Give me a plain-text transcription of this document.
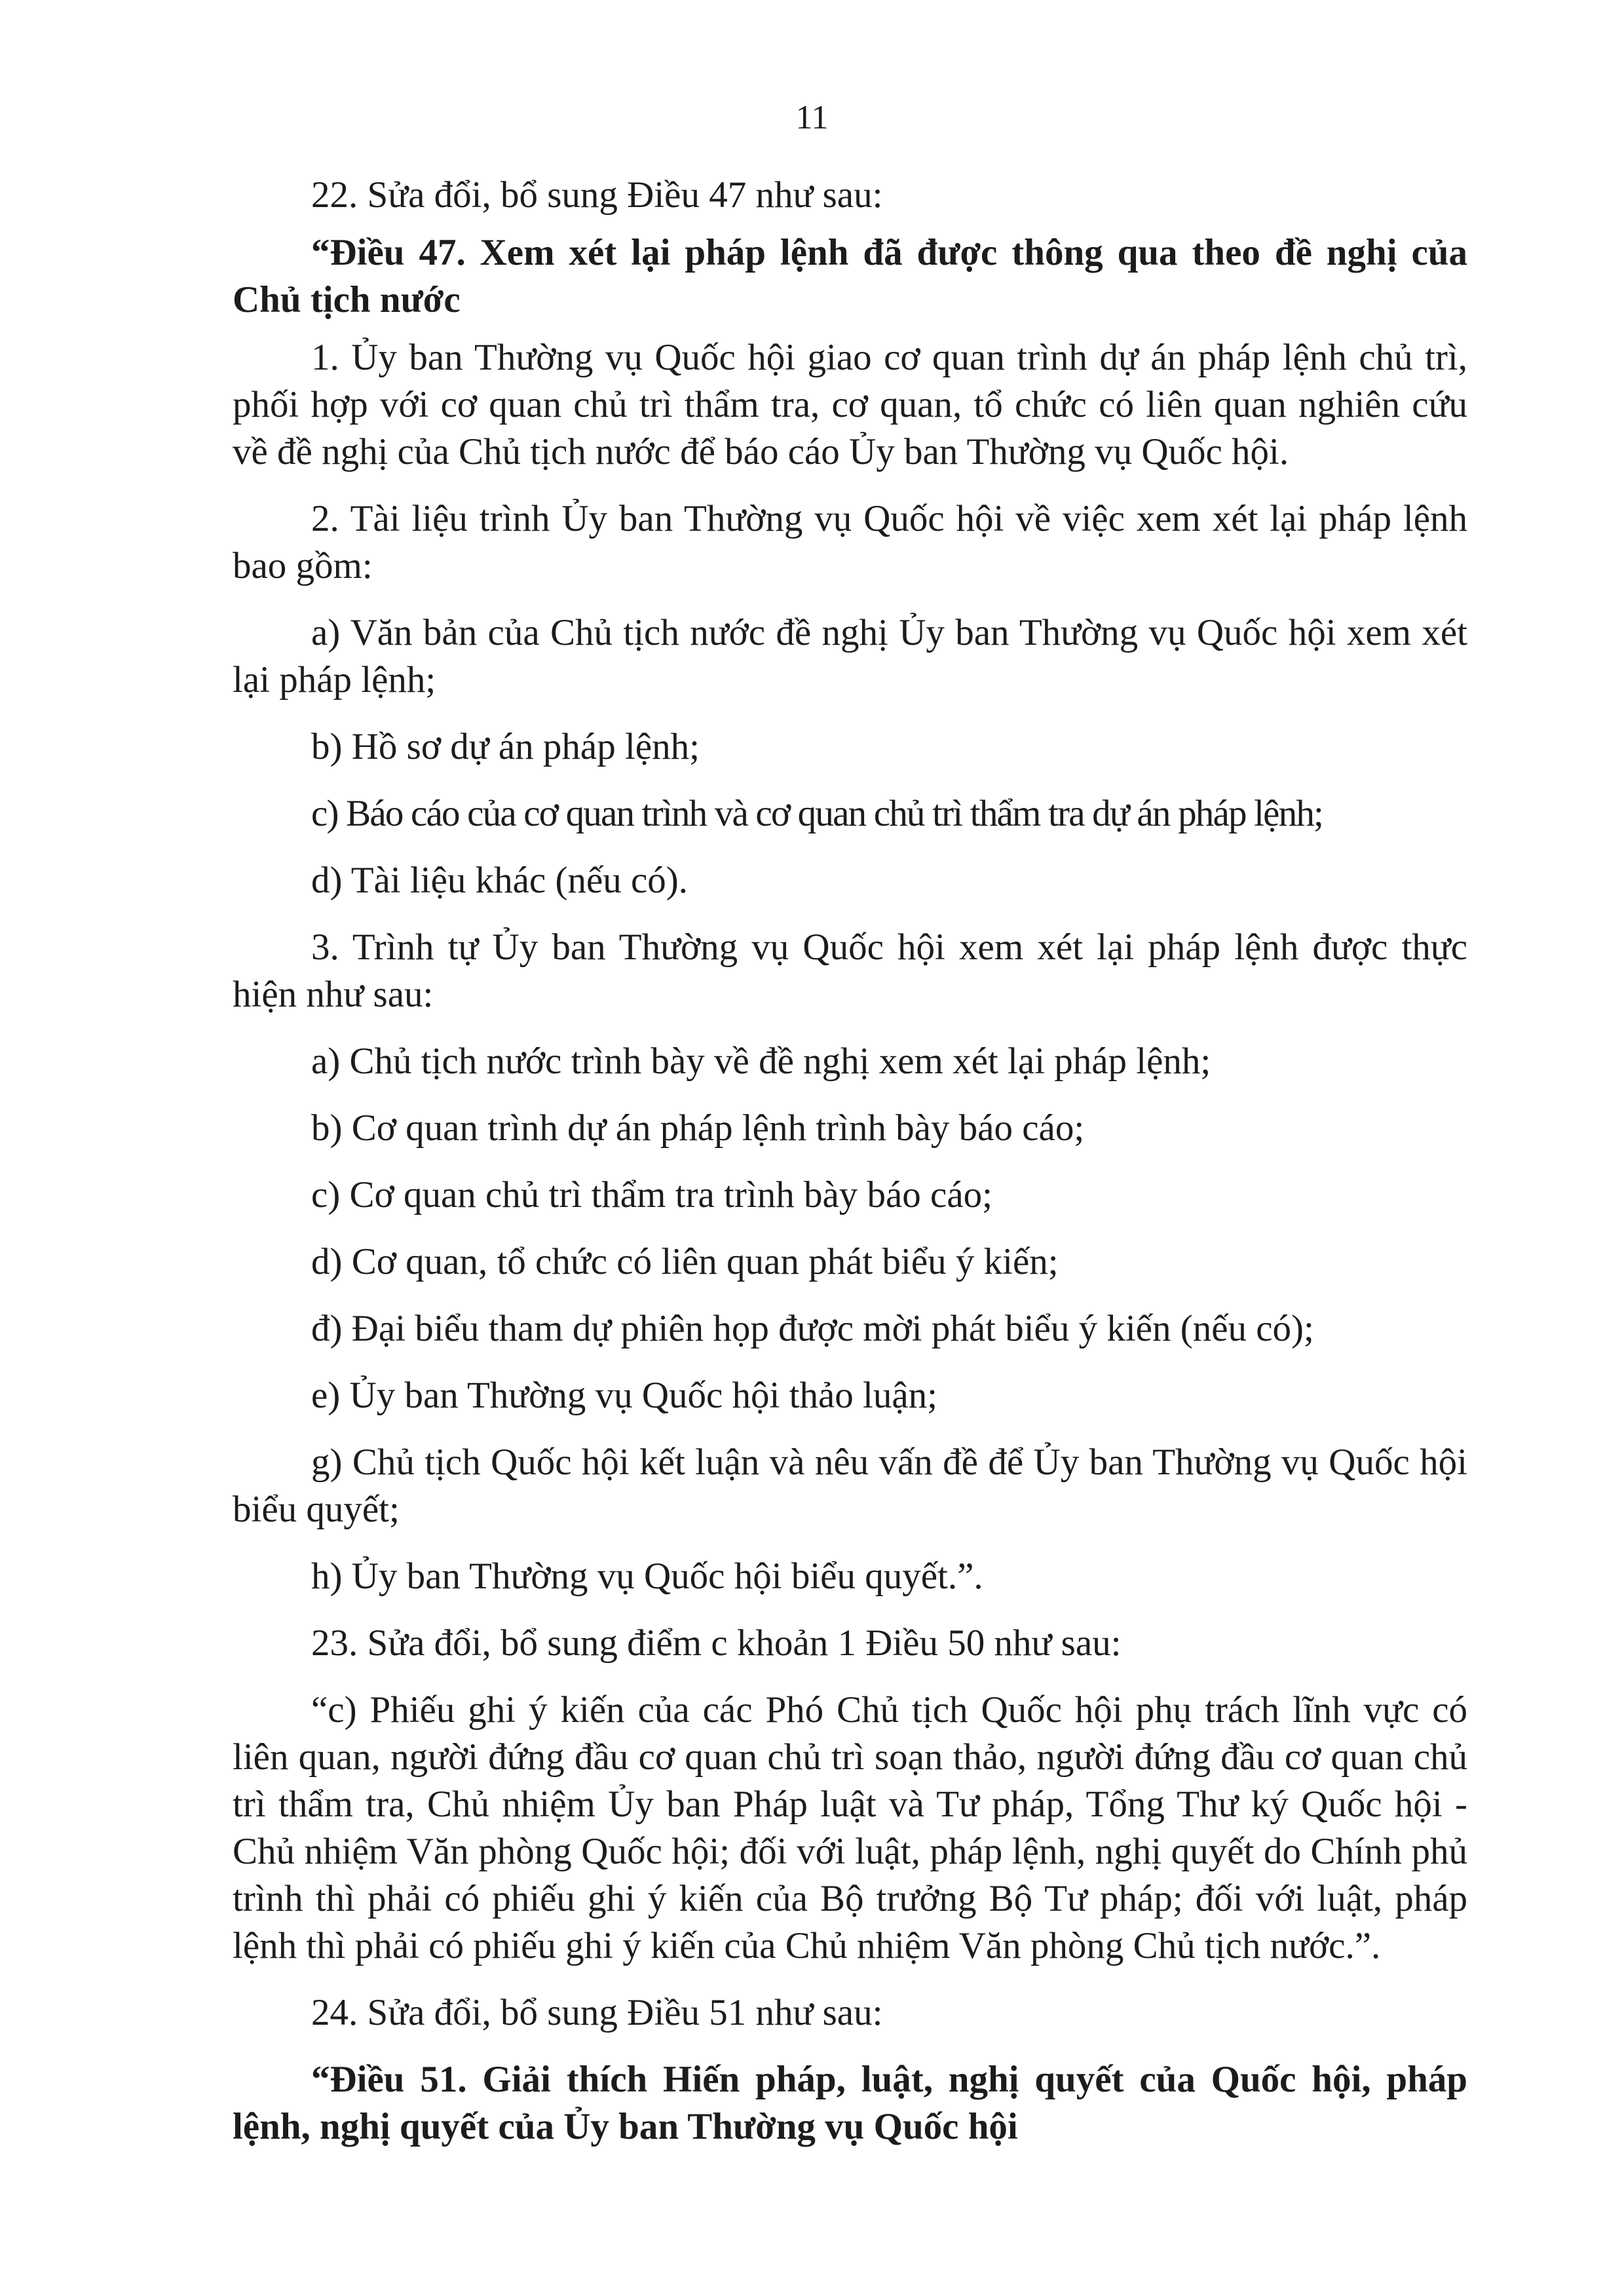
11

22. Sửa đổi, bổ sung Điều 47 như sau:

“Điều 47. Xem xét lại pháp lệnh đã được thông qua theo đề nghị của Chủ tịch nước

1. Ủy ban Thường vụ Quốc hội giao cơ quan trình dự án pháp lệnh chủ trì, phối hợp với cơ quan chủ trì thẩm tra, cơ quan, tổ chức có liên quan nghiên cứu về đề nghị của Chủ tịch nước để báo cáo Ủy ban Thường vụ Quốc hội.

2. Tài liệu trình Ủy ban Thường vụ Quốc hội về việc xem xét lại pháp lệnh bao gồm:

a) Văn bản của Chủ tịch nước đề nghị Ủy ban Thường vụ Quốc hội xem xét lại pháp lệnh;

b) Hồ sơ dự án pháp lệnh;

c) Báo cáo của cơ quan trình và cơ quan chủ trì thẩm tra dự án pháp lệnh;

d) Tài liệu khác (nếu có).

3. Trình tự Ủy ban Thường vụ Quốc hội xem xét lại pháp lệnh được thực hiện như sau:

a) Chủ tịch nước trình bày về đề nghị xem xét lại pháp lệnh;

b) Cơ quan trình dự án pháp lệnh trình bày báo cáo;

c) Cơ quan chủ trì thẩm tra trình bày báo cáo;

d) Cơ quan, tổ chức có liên quan phát biểu ý kiến;

đ) Đại biểu tham dự phiên họp được mời phát biểu ý kiến (nếu có);

e) Ủy ban Thường vụ Quốc hội thảo luận;

g) Chủ tịch Quốc hội kết luận và nêu vấn đề để Ủy ban Thường vụ Quốc hội biểu quyết;

h) Ủy ban Thường vụ Quốc hội biểu quyết.”.

23. Sửa đổi, bổ sung điểm c khoản 1 Điều 50 như sau:

“c) Phiếu ghi ý kiến của các Phó Chủ tịch Quốc hội phụ trách lĩnh vực có liên quan, người đứng đầu cơ quan chủ trì soạn thảo, người đứng đầu cơ quan chủ trì thẩm tra, Chủ nhiệm Ủy ban Pháp luật và Tư pháp, Tổng Thư ký Quốc hội - Chủ nhiệm Văn phòng Quốc hội; đối với luật, pháp lệnh, nghị quyết do Chính phủ trình thì phải có phiếu ghi ý kiến của Bộ trưởng Bộ Tư pháp; đối với luật, pháp lệnh thì phải có phiếu ghi ý kiến của Chủ nhiệm Văn phòng Chủ tịch nước.”.

24. Sửa đổi, bổ sung Điều 51 như sau:

“Điều 51. Giải thích Hiến pháp, luật, nghị quyết của Quốc hội, pháp lệnh, nghị quyết của Ủy ban Thường vụ Quốc hội
